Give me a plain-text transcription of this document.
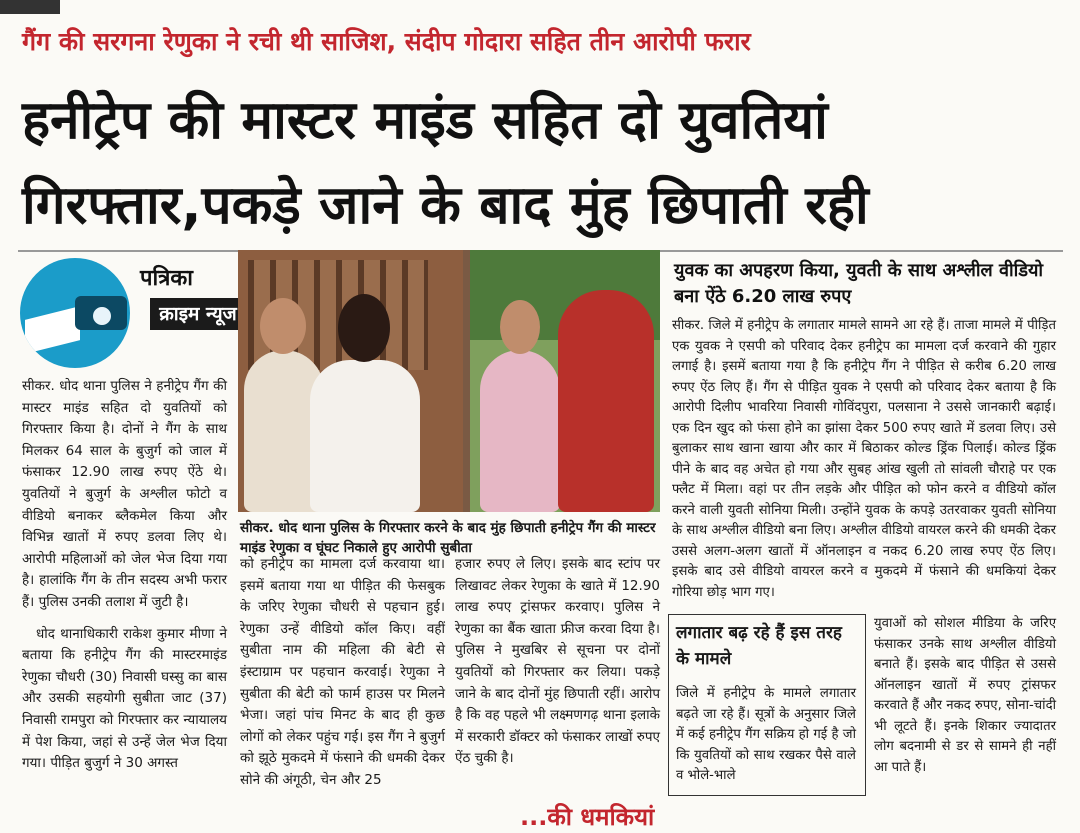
गैंग की सरगना रेणुका ने रची थी साजिश, संदीप गोदारा सहित तीन आरोपी फरार
हनीट्रेप की मास्टर माइंड सहित दो युवतियां
गिरफ्तार,पकड़े जाने के बाद मुंह छिपाती रही
पत्रिका
क्राइम न्यूज

सीकर. धोद थाना पुलिस ने हनीट्रेप गैंग की मास्टर माइंड सहित दो युवतियों को गिरफ्तार किया है। दोनों ने गैंग के साथ मिलकर 64 साल के बुजुर्ग को जाल में फंसाकर 12.90 लाख रुपए ऐंठे थे। युवतियों ने बुजुर्ग के अश्लील फोटो व वीडियो बनाकर ब्लैकमेल किया और विभिन्न खातों में रुपए डलवा लिए थे। आरोपी महिलाओं को जेल भेज दिया गया है। हालांकि गैंग के तीन सदस्य अभी फरार हैं। पुलिस उनकी तलाश में जुटी है।

धोद थानाधिकारी राकेश कुमार मीणा ने बताया कि हनीट्रेप गैंग की मास्टरमाइंड रेणुका चौधरी (30) निवासी घस्सु का बास और उसकी सहयोगी सुबीता जाट (37) निवासी रामपुरा को गिरफ्तार कर न्यायालय में पेश किया, जहां से उन्हें जेल भेज दिया गया। पीड़ित बुजुर्ग ने 30 अगस्त

सीकर. धोद थाना पुलिस के गिरफ्तार करने के बाद मुंह छिपाती हनीट्रेप गैंग की मास्टर माइंड रेणुका व घूंघट निकाले हुए आरोपी सुबीता

को हनीट्रेप का मामला दर्ज करवाया था। इसमें बताया गया था पीड़ित की फेसबुक के जरिए रेणुका चौधरी से पहचान हुई। रेणुका उन्हें वीडियो कॉल किए। वहीं सुबीता नाम की महिला की बेटी से इंस्टाग्राम पर पहचान करवाई। रेणुका ने सुबीता की बेटी को फार्म हाउस पर मिलने भेजा। जहां पांच मिनट के बाद ही कुछ लोगों को लेकर पहुंच गई। इस गैंग ने बुजुर्ग को झूठे मुकदमे में फंसाने की धमकी देकर सोने की अंगूठी, चेन और 25

हजार रुपए ले लिए। इसके बाद स्टांप पर लिखावट लेकर रेणुका के खाते में 12.90 लाख रुपए ट्रांसफर करवाए। पुलिस ने रेणुका का बैंक खाता फ्रीज करवा दिया है। पुलिस ने मुखबिर से सूचना पर दोनों युवतियों को गिरफ्तार कर लिया। पकड़े जाने के बाद दोनों मुंह छिपाती रहीं। आरोप है कि वह पहले भी लक्ष्मणगढ़ थाना इलाके में सरकारी डॉक्टर को फंसाकर लाखों रुपए ऐंठ चुकी है।

युवक का अपहरण किया, युवती के साथ अश्लील वीडियो बना ऐंठे 6.20 लाख रुपए
सीकर. जिले में हनीट्रेप के लगातार मामले सामने आ रहे हैं। ताजा मामले में पीड़ित एक युवक ने एसपी को परिवाद देकर हनीट्रेप का मामला दर्ज करवाने की गुहार लगाई है। इसमें बताया गया है कि हनीट्रेप गैंग ने पीड़ित से करीब 6.20 लाख रुपए ऐंठ लिए हैं। गैंग से पीड़ित युवक ने एसपी को परिवाद देकर बताया है कि आरोपी दिलीप भावरिया निवासी गोविंदपुरा, पलसाना ने उससे जानकारी बढ़ाई। एक दिन खुद को फंसा होने का झांसा देकर 500 रुपए खाते में डलवा लिए। उसे बुलाकर साथ खाना खाया और कार में बिठाकर कोल्ड ड्रिंक पिलाई। कोल्ड ड्रिंक पीने के बाद वह अचेत हो गया और सुबह आंख खुली तो सांवली चौराहे पर एक फ्लैट में मिला। वहां पर तीन लड़के और पीड़ित को फोन करने व वीडियो कॉल करने वाली युवती सोनिया मिली। उन्होंने युवक के कपड़े उतरवाकर युवती सोनिया के साथ अश्लील वीडियो बना लिए। अश्लील वीडियो वायरल करने की धमकी देकर उससे अलग-अलग खातों में ऑनलाइन व नकद 6.20 लाख रुपए ऐंठ लिए। इसके बाद उसे वीडियो वायरल करने व मुकदमे में फंसाने की धमकियां देकर गोरिया छोड़ भाग गए।
लगातार बढ़ रहे हैं इस तरह के मामले
जिले में हनीट्रेप के मामले लगातार बढ़ते जा रहे हैं। सूत्रों के अनुसार जिले में कई हनीट्रेप गैंग सक्रिय हो गई है जो कि युवतियों को साथ रखकर पैसे वाले व भोले-भाले
युवाओं को सोशल मीडिया के जरिए फंसाकर उनके साथ अश्लील वीडियो बनाते हैं। इसके बाद पीड़ित से उससे ऑनलाइन खातों में रुपए ट्रांसफर करवाते हैं और नकद रुपए, सोना-चांदी भी लूटते हैं। इनके शिकार ज्यादातर लोग बदनामी से डर से सामने ही नहीं आ पाते हैं।
...की धमकियां
